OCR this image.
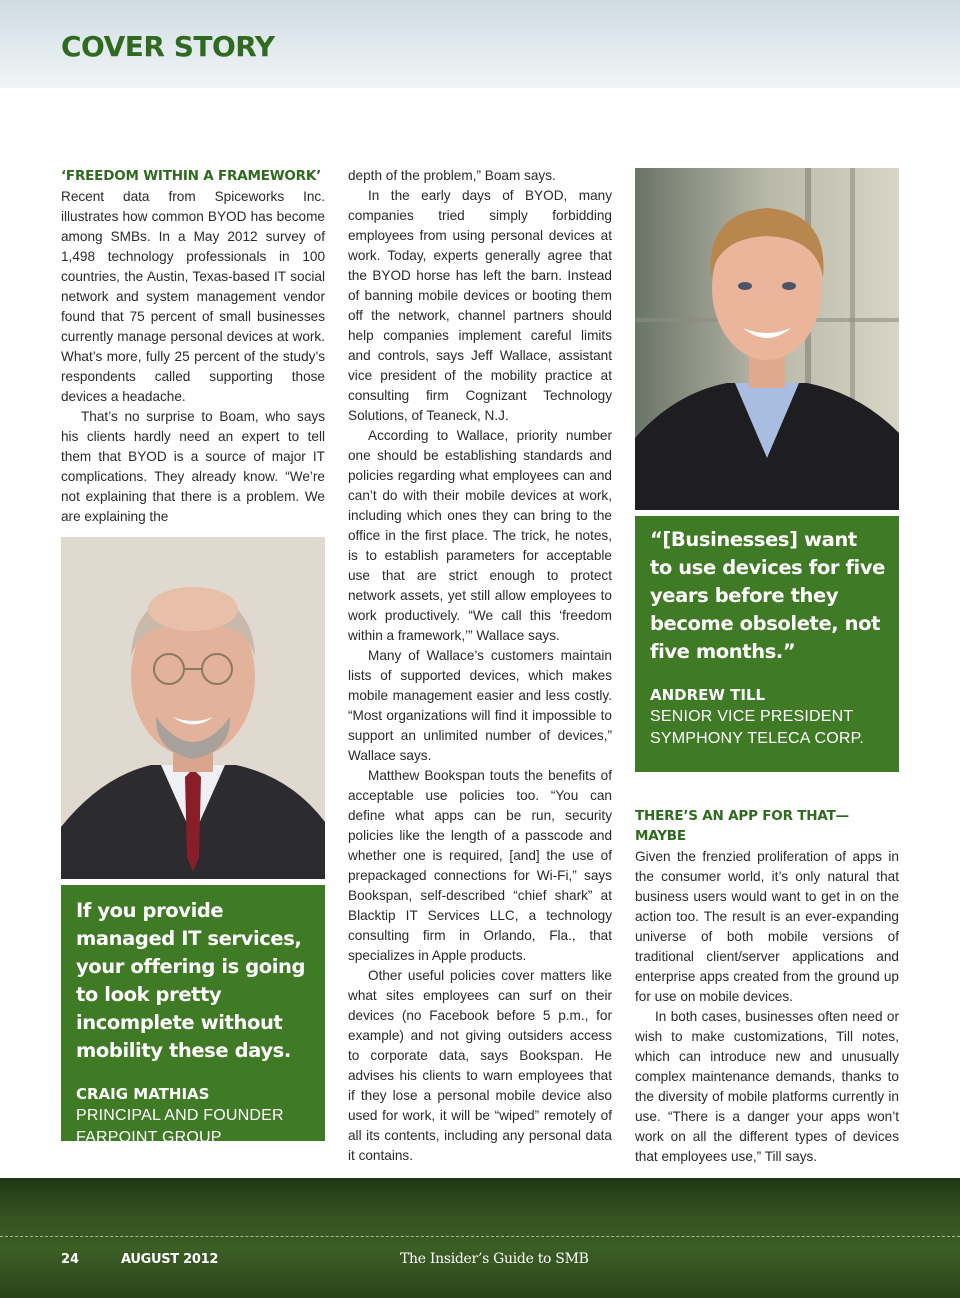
COVER STORY
‘FREEDOM WITHIN A FRAMEWORK’

Recent data from Spiceworks Inc. illustrates how common BYOD has become among SMBs. In a May 2012 survey of 1,498 technology professionals in 100 countries, the Austin, Texas-based IT social network and system management vendor found that 75 percent of small businesses currently manage personal devices at work. What’s more, fully 25 percent of the study’s respondents called supporting those devices a headache.

That’s no surprise to Boam, who says his clients hardly need an expert to tell them that BYOD is a source of major IT complications. They already know. “We’re not explaining that there is a problem. We are explaining the

If you provide managed IT services, your offering is going to look pretty incomplete without mobility these days.
CRAIG MATHIAS
PRINCIPAL AND FOUNDER
FARPOINT GROUP

depth of the problem,” Boam says.

In the early days of BYOD, many companies tried simply forbidding employees from using personal devices at work. Today, experts generally agree that the BYOD horse has left the barn. Instead of banning mobile devices or booting them off the network, channel partners should help companies implement careful limits and controls, says Jeff Wallace, assistant vice president of the mobility practice at consulting firm Cognizant Technology Solutions, of Teaneck, N.J.

According to Wallace, priority number one should be establishing standards and policies regarding what employees can and can’t do with their mobile devices at work, including which ones they can bring to the office in the first place. The trick, he notes, is to establish parameters for acceptable use that are strict enough to protect network assets, yet still allow employees to work productively. “We call this ‘freedom within a framework,’” Wallace says.

Many of Wallace’s customers maintain lists of supported devices, which makes mobile management easier and less costly. “Most organizations will find it impossible to support an unlimited number of devices,” Wallace says.

Matthew Bookspan touts the benefits of acceptable use policies too. “You can define what apps can be run, security policies like the length of a passcode and whether one is required, [and] the use of prepackaged connections for Wi-Fi,” says Bookspan, self-described “chief shark” at Blacktip IT Services LLC, a technology consulting firm in Orlando, Fla., that specializes in Apple products.

Other useful policies cover matters like what sites employees can surf on their devices (no Facebook before 5 p.m., for example) and not giving outsiders access to corporate data, says Bookspan. He advises his clients to warn employees that if they lose a personal mobile device also used for work, it will be “wiped” remotely of all its contents, including any personal data it contains.

“[Businesses] want to use devices for five years before they become obsolete, not five months.”
ANDREW TILL
SENIOR VICE PRESIDENT
SYMPHONY TELECA CORP.
THERE’S AN APP FOR THAT—MAYBE

Given the frenzied proliferation of apps in the consumer world, it’s only natural that business users would want to get in on the action too. The result is an ever-expanding universe of both mobile versions of traditional client/server applications and enterprise apps created from the ground up for use on mobile devices.

In both cases, businesses often need or wish to make customizations, Till notes, which can introduce new and unusually complex maintenance demands, thanks to the diversity of mobile platforms currently in use. “There is a danger your apps won’t work on all the different types of devices that employees use,” Till says.

24	AUGUST 2012	The Insider’s Guide to SMB
